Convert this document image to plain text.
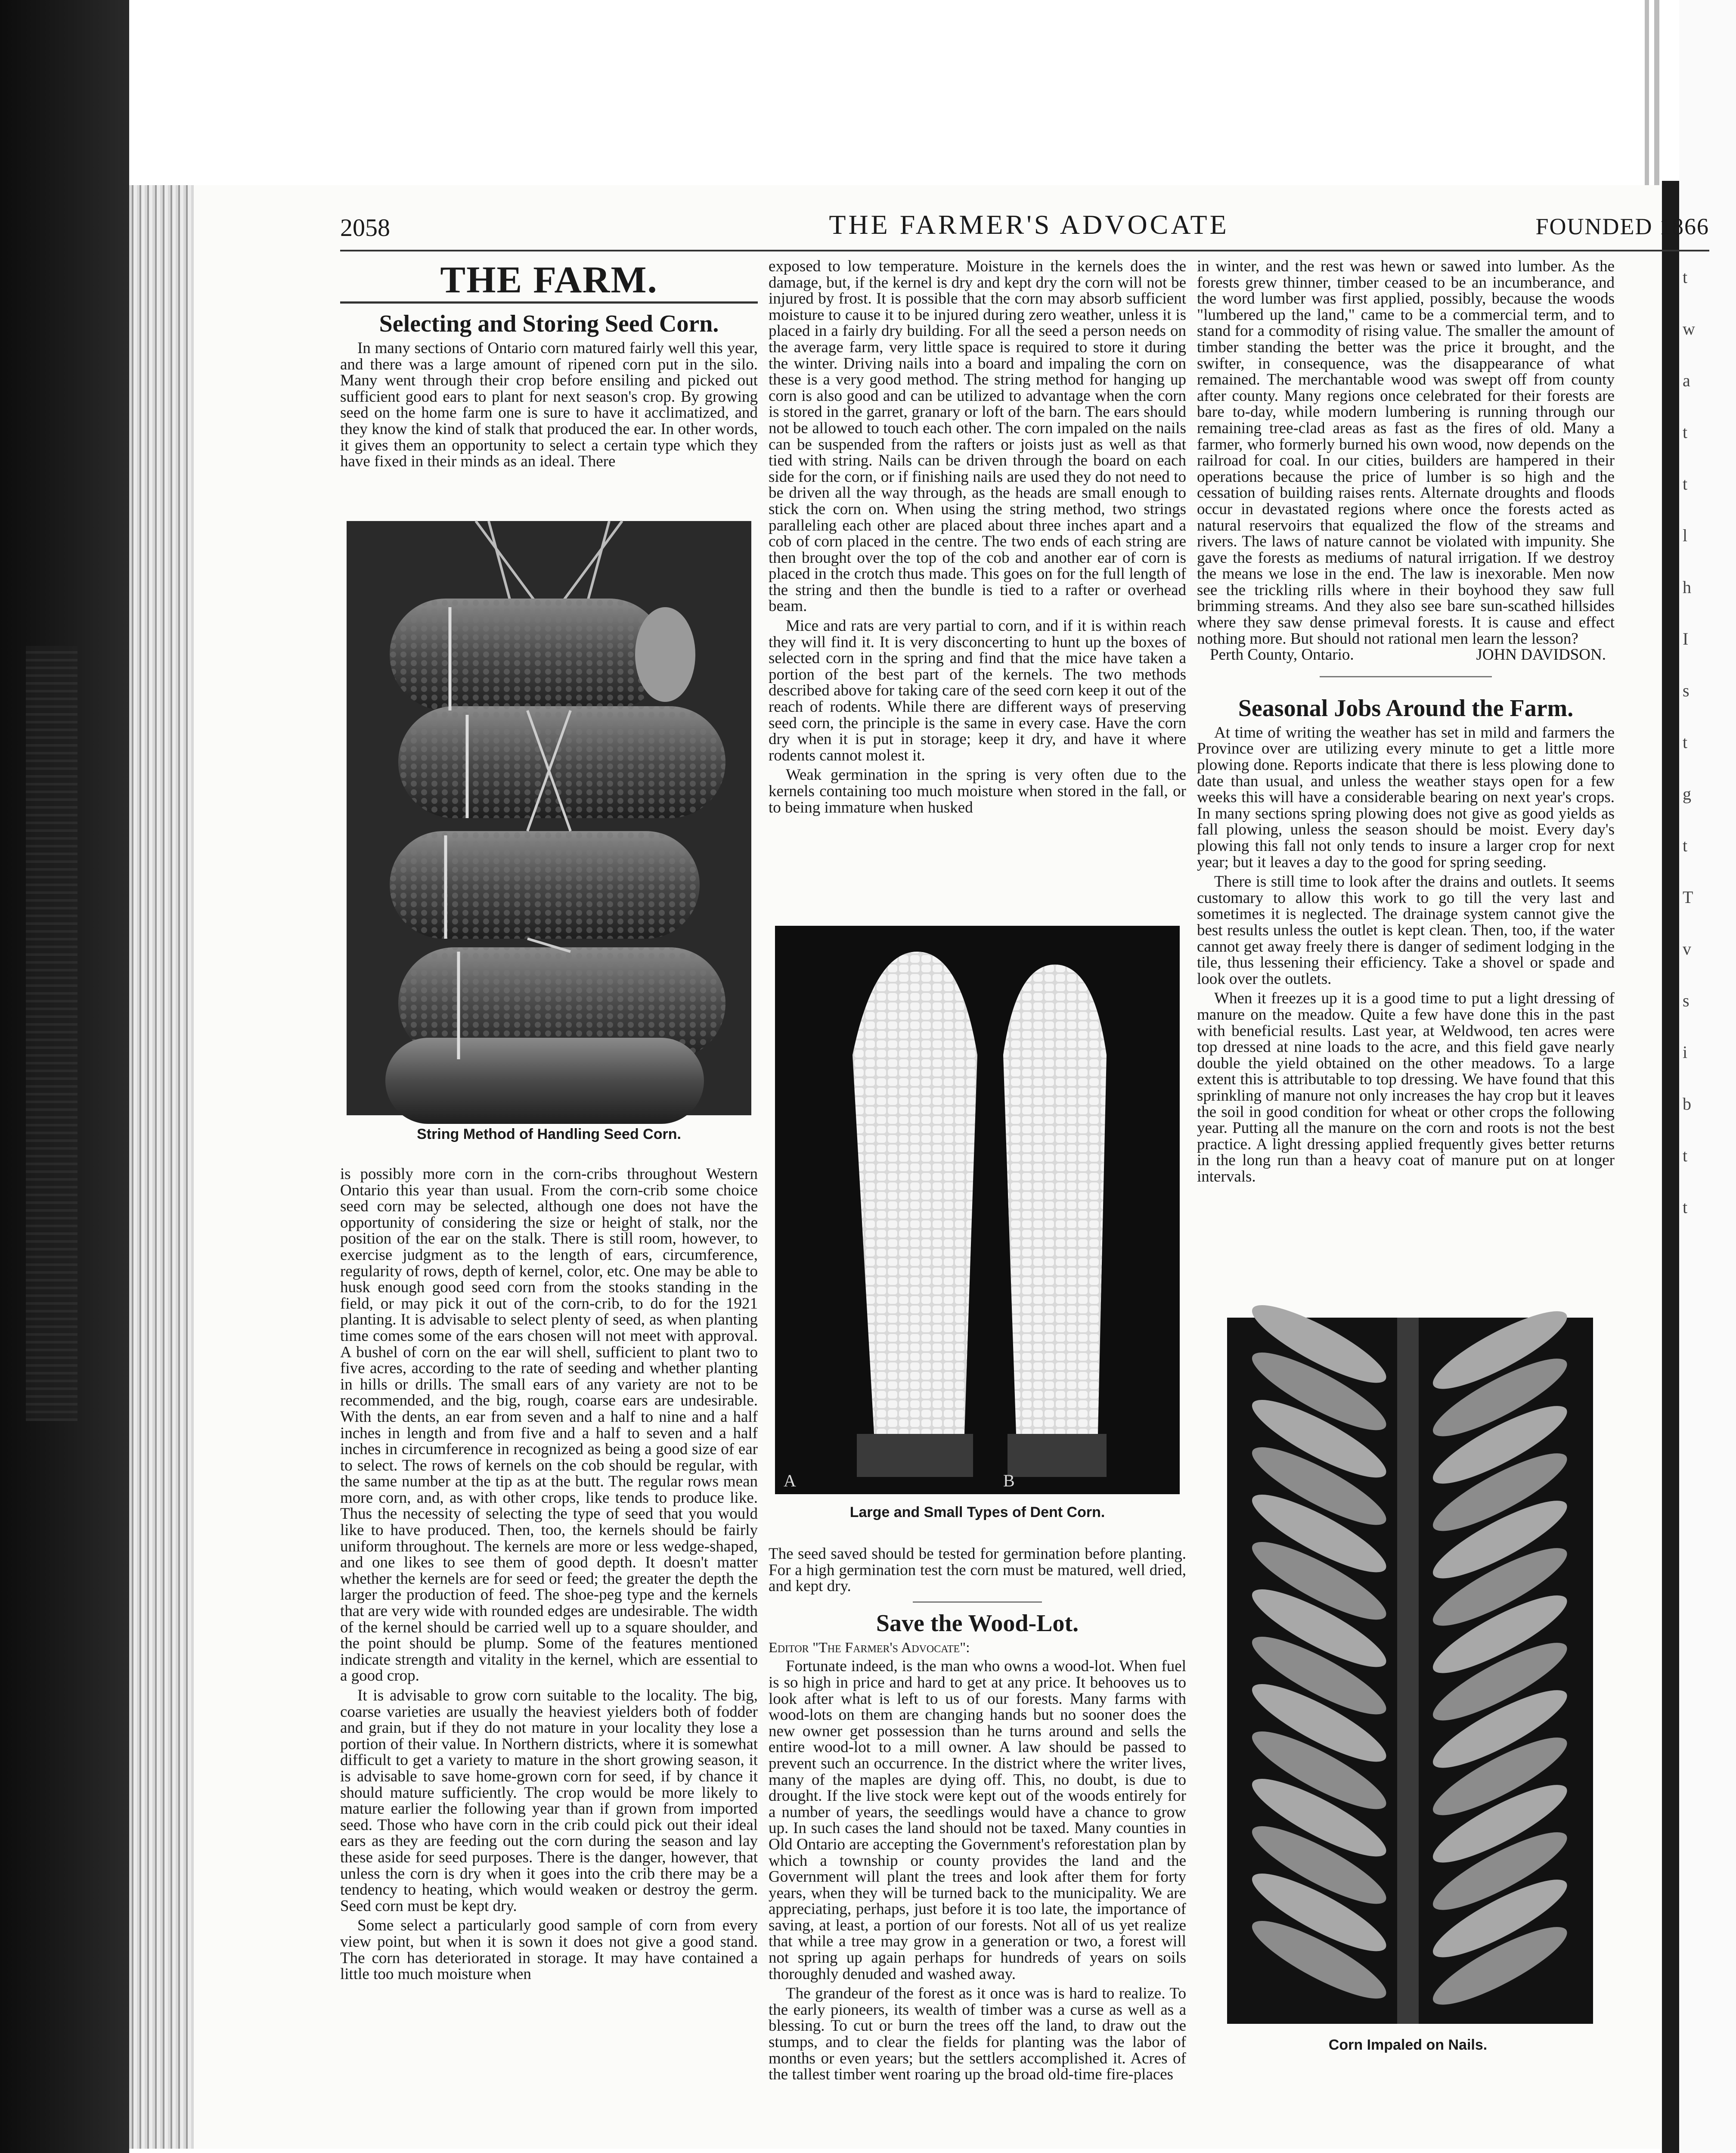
t
w
a
t
t
l
h
I
s
t
g
t
T
v
s
i
b
t
t
2058	THE FARMER'S ADVOCATE	FOUNDED 1866
THE FARM.
Selecting and Storing Seed Corn.

In many sections of Ontario corn matured fairly well this year, and there was a large amount of ripened corn put in the silo. Many went through their crop before ensiling and picked out sufficient good ears to plant for next season's crop. By growing seed on the home farm one is sure to have it acclimatized, and they know the kind of stalk that produced the ear. In other words, it gives them an opportunity to select a certain type which they have fixed in their minds as an ideal. There

String Method of Handling Seed Corn.

is possibly more corn in the corn-cribs throughout Western Ontario this year than usual. From the corn-crib some choice seed corn may be selected, although one does not have the opportunity of considering the size or height of stalk, nor the position of the ear on the stalk. There is still room, however, to exercise judgment as to the length of ears, circumference, regularity of rows, depth of kernel, color, etc. One may be able to husk enough good seed corn from the stooks standing in the field, or may pick it out of the corn-crib, to do for the 1921 planting. It is advisable to select plenty of seed, as when planting time comes some of the ears chosen will not meet with approval. A bushel of corn on the ear will shell, sufficient to plant two to five acres, according to the rate of seeding and whether planting in hills or drills. The small ears of any variety are not to be recommended, and the big, rough, coarse ears are undesirable. With the dents, an ear from seven and a half to nine and a half inches in length and from five and a half to seven and a half inches in circumference in recognized as being a good size of ear to select. The rows of kernels on the cob should be regular, with the same number at the tip as at the butt. The regular rows mean more corn, and, as with other crops, like tends to produce like. Thus the necessity of selecting the type of seed that you would like to have produced. Then, too, the kernels should be fairly uniform throughout. The kernels are more or less wedge-shaped, and one likes to see them of good depth. It doesn't matter whether the kernels are for seed or feed; the greater the depth the larger the production of feed. The shoe-peg type and the kernels that are very wide with rounded edges are undesirable. The width of the kernel should be carried well up to a square shoulder, and the point should be plump. Some of the features mentioned indicate strength and vitality in the kernel, which are essential to a good crop.

It is advisable to grow corn suitable to the locality. The big, coarse varieties are usually the heaviest yielders both of fodder and grain, but if they do not mature in your locality they lose a portion of their value. In Northern districts, where it is somewhat difficult to get a variety to mature in the short growing season, it is advisable to save home-grown corn for seed, if by chance it should mature sufficiently. The crop would be more likely to mature earlier the following year than if grown from imported seed. Those who have corn in the crib could pick out their ideal ears as they are feeding out the corn during the season and lay these aside for seed purposes. There is the danger, however, that unless the corn is dry when it goes into the crib there may be a tendency to heating, which would weaken or destroy the germ. Seed corn must be kept dry.

Some select a particularly good sample of corn from every view point, but when it is sown it does not give a good stand. The corn has deteriorated in storage. It may have contained a little too much moisture when

exposed to low temperature. Moisture in the kernels does the damage, but, if the kernel is dry and kept dry the corn will not be injured by frost. It is possible that the corn may absorb sufficient moisture to cause it to be injured during zero weather, unless it is placed in a fairly dry building. For all the seed a person needs on the average farm, very little space is required to store it during the winter. Driving nails into a board and impaling the corn on these is a very good method. The string method for hanging up corn is also good and can be utilized to advantage when the corn is stored in the garret, granary or loft of the barn. The ears should not be allowed to touch each other. The corn impaled on the nails can be suspended from the rafters or joists just as well as that tied with string. Nails can be driven through the board on each side for the corn, or if finishing nails are used they do not need to be driven all the way through, as the heads are small enough to stick the corn on. When using the string method, two strings paralleling each other are placed about three inches apart and a cob of corn placed in the centre. The two ends of each string are then brought over the top of the cob and another ear of corn is placed in the crotch thus made. This goes on for the full length of the string and then the bundle is tied to a rafter or overhead beam.

Mice and rats are very partial to corn, and if it is within reach they will find it. It is very disconcerting to hunt up the boxes of selected corn in the spring and find that the mice have taken a portion of the best part of the kernels. The two methods described above for taking care of the seed corn keep it out of the reach of rodents. While there are different ways of preserving seed corn, the principle is the same in every case. Have the corn dry when it is put in storage; keep it dry, and have it where rodents cannot molest it.

Weak germination in the spring is very often due to the kernels containing too much moisture when stored in the fall, or to being immature when husked

A	B
Large and Small Types of Dent Corn.

The seed saved should be tested for germination before planting. For a high germination test the corn must be matured, well dried, and kept dry.

Save the Wood-Lot.
Editor "The Farmer's Advocate":

Fortunate indeed, is the man who owns a wood-lot. When fuel is so high in price and hard to get at any price. It behooves us to look after what is left to us of our forests. Many farms with wood-lots on them are changing hands but no sooner does the new owner get possession than he turns around and sells the entire wood-lot to a mill owner. A law should be passed to prevent such an occurrence. In the district where the writer lives, many of the maples are dying off. This, no doubt, is due to drought. If the live stock were kept out of the woods entirely for a number of years, the seedlings would have a chance to grow up. In such cases the land should not be taxed. Many counties in Old Ontario are accepting the Government's reforestation plan by which a township or county provides the land and the Government will plant the trees and look after them for forty years, when they will be turned back to the municipality. We are appreciating, perhaps, just before it is too late, the importance of saving, at least, a portion of our forests. Not all of us yet realize that while a tree may grow in a generation or two, a forest will not spring up again perhaps for hundreds of years on soils thoroughly denuded and washed away.

The grandeur of the forest as it once was is hard to realize. To the early pioneers, its wealth of timber was a curse as well as a blessing. To cut or burn the trees off the land, to draw out the stumps, and to clear the fields for planting was the labor of months or even years; but the settlers accomplished it. Acres of the tallest timber went roaring up the broad old-time fire-places

in winter, and the rest was hewn or sawed into lumber. As the forests grew thinner, timber ceased to be an incumberance, and the word lumber was first applied, possibly, because the woods "lumbered up the land," came to be a commercial term, and to stand for a commodity of rising value. The smaller the amount of timber standing the better was the price it brought, and the swifter, in consequence, was the disappearance of what remained. The merchantable wood was swept off from county after county. Many regions once celebrated for their forests are bare to-day, while modern lumbering is running through our remaining tree-clad areas as fast as the fires of old. Many a farmer, who formerly burned his own wood, now depends on the railroad for coal. In our cities, builders are hampered in their operations because the price of lumber is so high and the cessation of building raises rents. Alternate droughts and floods occur in devastated regions where once the forests acted as natural reservoirs that equalized the flow of the streams and rivers. The laws of nature cannot be violated with impunity. She gave the forests as mediums of natural irrigation. If we destroy the means we lose in the end. The law is inexorable. Men now see the trickling rills where in their boyhood they saw full brimming streams. And they also see bare sun-scathed hillsides where they saw dense primeval forests. It is cause and effect nothing more. But should not rational men learn the lesson?

Perth County, Ontario.	JOHN DAVIDSON.
Seasonal Jobs Around the Farm.

At time of writing the weather has set in mild and farmers the Province over are utilizing every minute to get a little more plowing done. Reports indicate that there is less plowing done to date than usual, and unless the weather stays open for a few weeks this will have a considerable bearing on next year's crops. In many sections spring plowing does not give as good yields as fall plowing, unless the season should be moist. Every day's plowing this fall not only tends to insure a larger crop for next year; but it leaves a day to the good for spring seeding.

There is still time to look after the drains and outlets. It seems customary to allow this work to go till the very last and sometimes it is neglected. The drainage system cannot give the best results unless the outlet is kept clean. Then, too, if the water cannot get away freely there is danger of sediment lodging in the tile, thus lessening their efficiency. Take a shovel or spade and look over the outlets.

When it freezes up it is a good time to put a light dressing of manure on the meadow. Quite a few have done this in the past with beneficial results. Last year, at Weldwood, ten acres were top dressed at nine loads to the acre, and this field gave nearly double the yield obtained on the other meadows. To a large extent this is attributable to top dressing. We have found that this sprinkling of manure not only increases the hay crop but it leaves the soil in good condition for wheat or other crops the following year. Putting all the manure on the corn and roots is not the best practice. A light dressing applied frequently gives better returns in the long run than a heavy coat of manure put on at longer intervals.

Corn Impaled on Nails.
